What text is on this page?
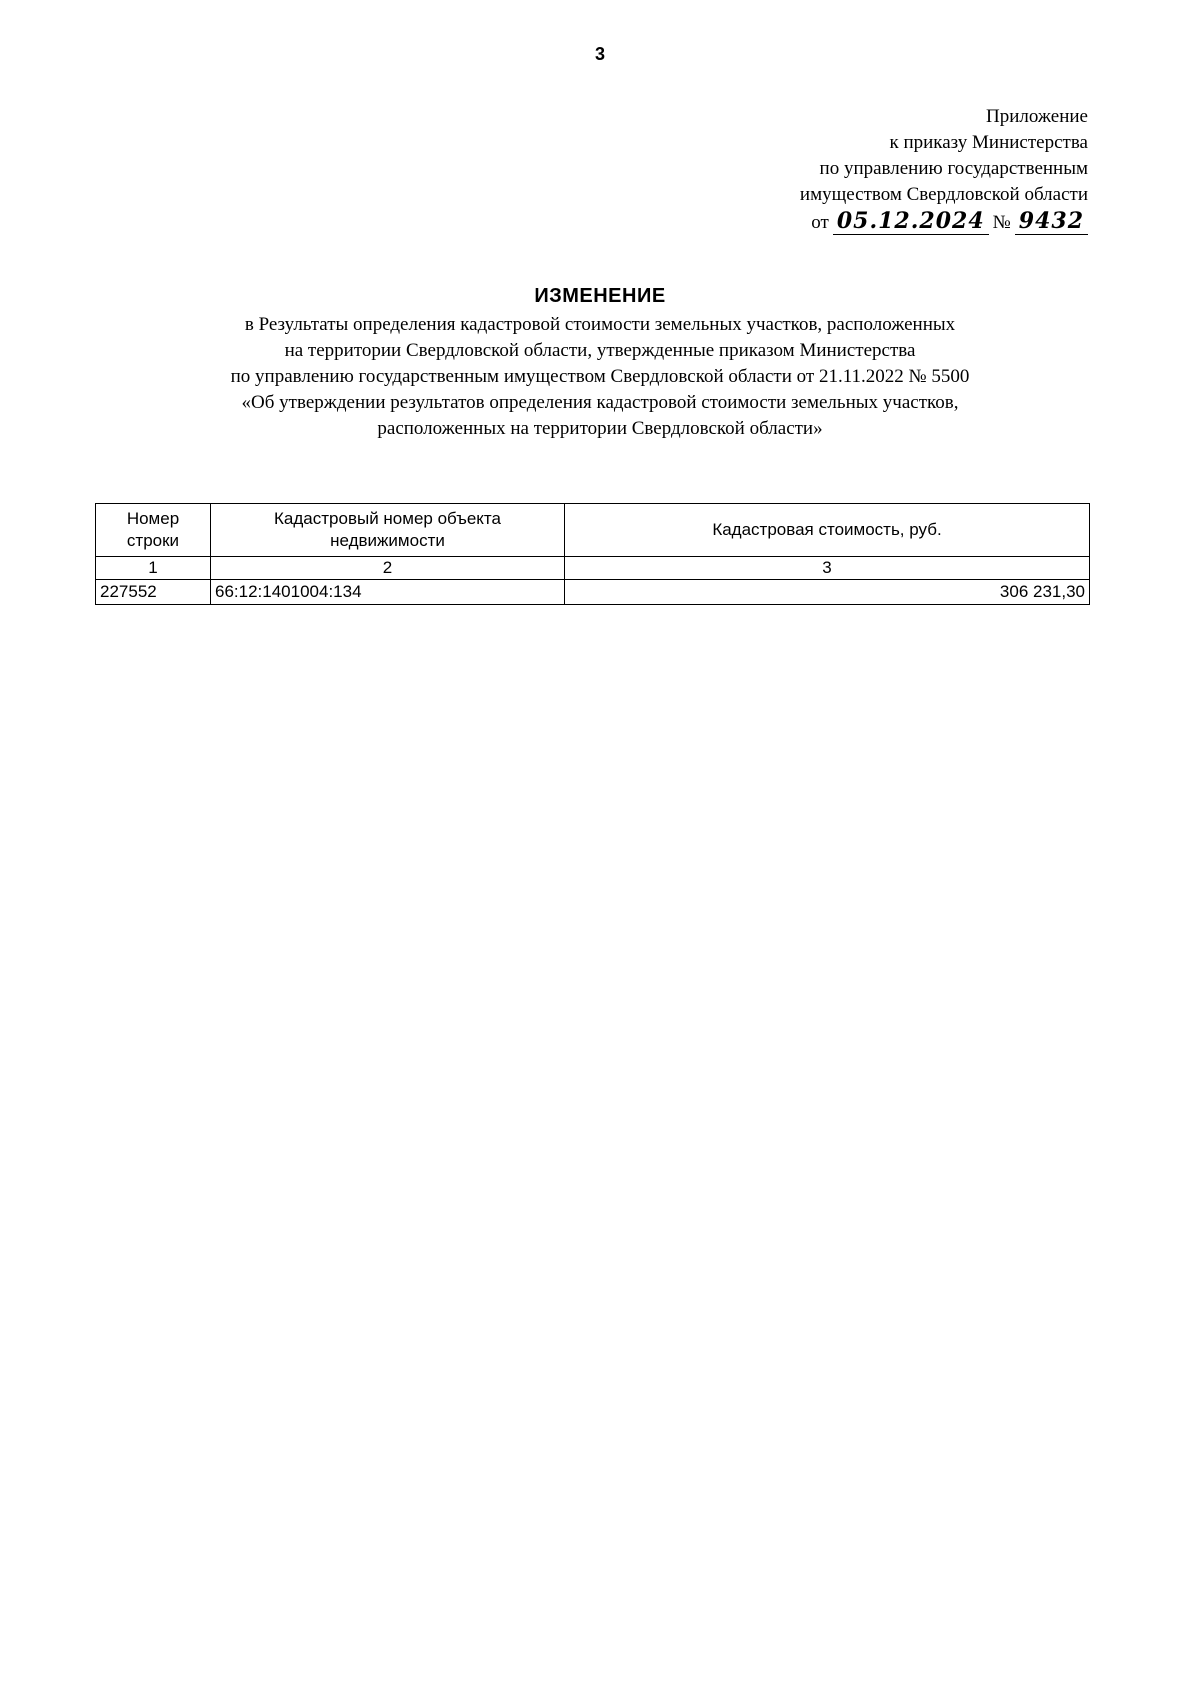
3
Приложение
к приказу Министерства
по управлению государственным
имуществом Свердловской области
от 05.12.2024 № 9432
ИЗМЕНЕНИЕ
в Результаты определения кадастровой стоимости земельных участков, расположенных
на территории Свердловской области, утвержденные приказом Министерства
по управлению государственным имуществом Свердловской области от 21.11.2022 № 5500
«Об утверждении результатов определения кадастровой стоимости земельных участков,
расположенных на территории Свердловской области»
Номер строки	Кадастровый номер объекта недвижимости	Кадастровая стоимость, руб.
1	2	3
227552	66:12:1401004:134	306 231,30
